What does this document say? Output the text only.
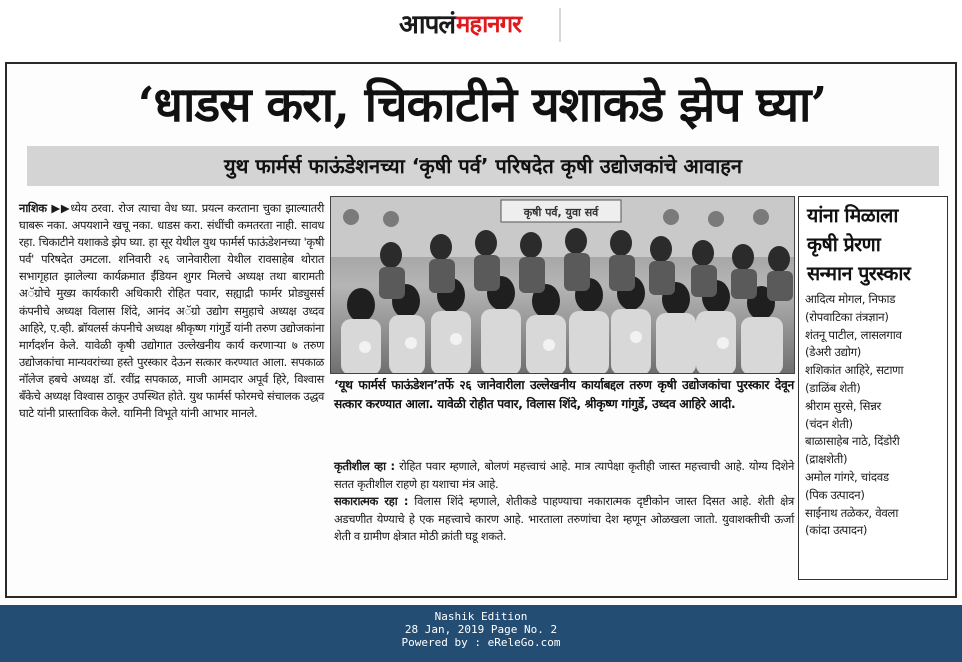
आपलं महानगर
‘धाडस करा, चिकाटीने यशाकडे झेप घ्या’
युथ फार्मर्स फाऊंडेशनच्या ‘कृषी पर्व’ परिषदेत कृषी उद्योजकांचे आवाहन

नाशिक ▶▶ध्येय ठरवा. रोज त्याचा वेध घ्या. प्रयत्न करताना चुका झाल्यातरी घाबरू नका. अपयशाने खचू नका. धाडस करा. संधींची कमतरता नाही. सावध रहा. चिकाटीने यशाकडे झेप घ्या. हा सूर येथील युथ फार्मर्स फाऊंडेशनच्या 'कृषी पर्व' परिषदेत उमटला. शनिवारी २६ जानेवारीला येथील रावसाहेब थोरात सभागृहात झालेल्या कार्यक्रमात ईंडियन शुगर मिलचे अध्यक्ष तथा बारामती अॅग्रोचे मुख्य कार्यकारी अधिकारी रोहित पवार, सह्याद्री फार्मर प्रोड्युसर्स कंपनीचे अध्यक्ष विलास शिंदे, आनंद अॅग्रो उद्योग समुहाचे अध्यक्ष उध्दव आहिरे, ए.व्ही. ब्रॉयलर्स कंपनीचे अध्यक्ष श्रीकृष्ण गांगुर्डे यांनी तरुण उद्योजकांना मार्गदर्शन केले. यावेळी कृषी उद्योगात उल्लेखनीय कार्य करणाऱ्या ७ तरुण उद्योजकांचा मान्यवरांच्या हस्ते पुरस्कार देऊन सत्कार करण्यात आला. सपकाळ नॉलेज हबचे अध्यक्ष डॉ. रवींद्र सपकाळ, माजी आमदार अपूर्व हिरे, विश्वास बँकेचे अध्यक्ष विश्वास ठाकूर उपस्थित होते. युथ फार्मर्स फोरमचे संचालक उद्धव घाटे यांनी प्रास्ताविक केले. यामिनी विभूते यांनी आभार मानले.

कृषी पर्व, युवा सर्व
‘यूथ फार्मर्स फाऊंडेशन’तर्फे २६ जानेवारीला उल्लेखनीय कार्याबद्दल तरुण कृषी उद्योजकांचा पुरस्कार देवून सत्कार करण्यात आला. यावेळी रोहीत पवार, विलास शिंदे, श्रीकृष्ण गांगुर्डे, उध्दव आहिरे आदी.

कृतीशील व्हा : रोहित पवार म्हणाले, बोलणं महत्त्वाचं आहे. मात्र त्यापेक्षा कृतीही जास्त महत्त्वाची आहे. योग्य दिशेने सतत कृतीशील राहणे हा यशाचा मंत्र आहे.

सकारात्मक रहा : विलास शिंदे म्हणाले, शेतीकडे पाहण्याचा नकारात्मक दृष्टीकोन जास्त दिसत आहे. शेती क्षेत्र अडचणीत येण्याचे हे एक महत्त्वाचे कारण आहे. भारताला तरुणांचा देश म्हणून ओळखला जातो. युवाशक्तीची ऊर्जा शेती व ग्रामीण क्षेत्रात मोठी क्रांती घडू शकते.

यांना मिळाला
कृषी प्रेरणा
सन्मान पुरस्कार
आदित्य मोगल, निफाड
(रोपवाटिका तंत्रज्ञान)
शंतनू पाटील, लासलगाव
(डेअरी उद्योग)
शशिकांत आहिरे, सटाणा
(डाळिंब शेती)
श्रीराम सुरसे, सिन्नर
(चंदन शेती)
बाळासाहेब नाठे, दिंडोरी
(द्राक्षशेती)
अमोल गांगरे, चांदवड
(पिक उत्पादन)
साईनाथ तळेकर, वेवला
(कांदा उत्पादन)
Nashik Edition
28 Jan, 2019 Page No. 2
Powered by : eReleGo.com
